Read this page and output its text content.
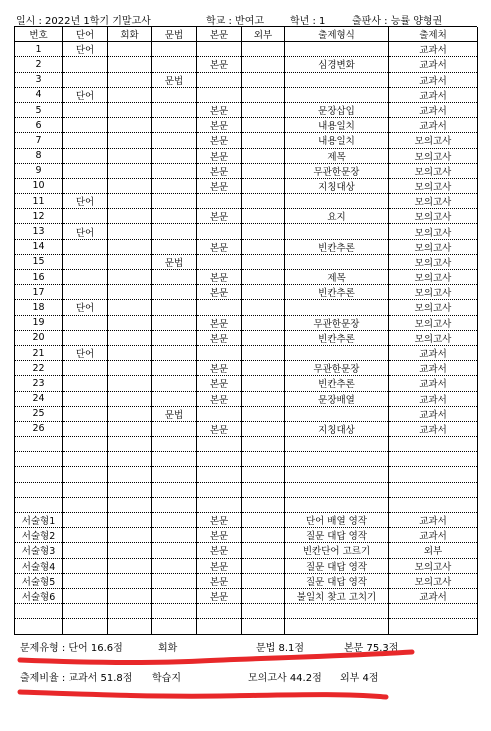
일시 : 2022년 1학기 기말고사	학교 : 반여고	학년 : 1	출판사 : 능률 양형권
번호	단어	회화	문법	본문	외부	출제형식	출제처
1	단어						교과서
2				본문		심경변화	교과서
3			문법				교과서
4	단어						교과서
5				본문		문장삽입	교과서
6				본문		내용일치	교과서
7				본문		내용일치	모의고사
8				본문		제목	모의고사
9				본문		무관한문장	모의고사
10				본문		지칭대상	모의고사
11	단어						모의고사
12				본문		요지	모의고사
13	단어						모의고사
14				본문		빈칸추론	모의고사
15			문법				모의고사
16				본문		제목	모의고사
17				본문		빈칸추론	모의고사
18	단어						모의고사
19				본문		무관한문장	모의고사
20				본문		빈칸추론	모의고사
21	단어						교과서
22				본문		무관한문장	교과서
23				본문		빈칸추론	교과서
24				본문		문장배열	교과서
25			문법				교과서
26				본문		지칭대상	교과서

서술형1				본문		단어 배열 영작	교과서
서술형2				본문		질문 대답 영작	교과서
서술형3				본문		빈칸단어 고르기	외부
서술형4				본문		질문 대답 영작	모의고사
서술형5				본문		질문 대답 영작	모의고사
서술형6				본문		불일치 찾고 고치기	교과서

문제유형 : 단어 16.6점	회화	문법 8.1점	본문 75.3점
출제비율 : 교과서 51.8점 학습지	모의고사 44.2점 외부 4점
